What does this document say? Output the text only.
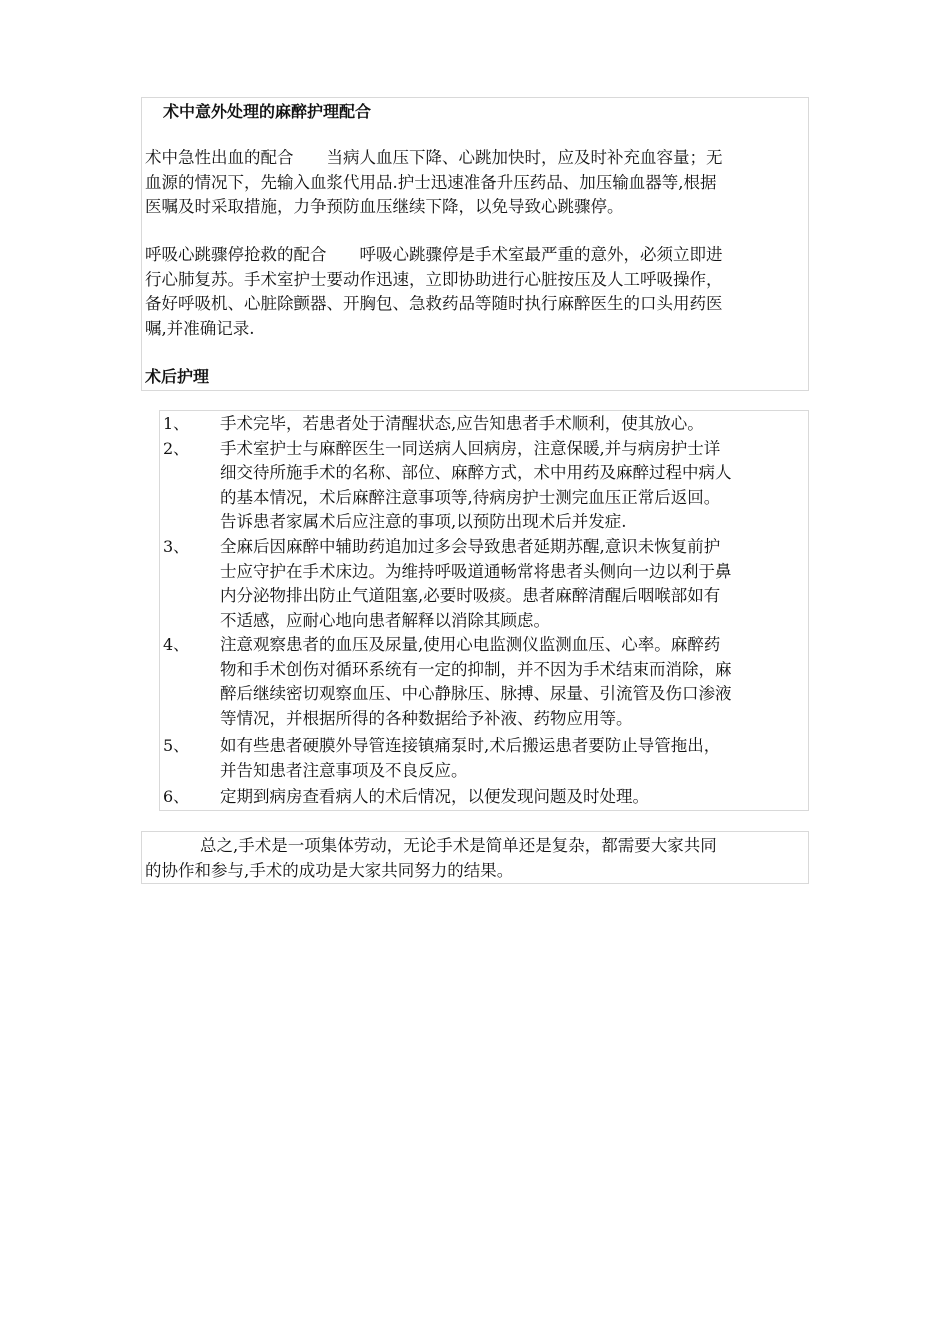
术中意外处理的麻醉护理配合
术中急性出血的配合　　当病人血压下降、心跳加快时，应及时补充血容量；无
血源的情况下，先输入血浆代用品.护士迅速准备升压药品、加压输血器等,根据
医嘱及时采取措施，力争预防血压继续下降，以免导致心跳骤停。
呼吸心跳骤停抢救的配合　　呼吸心跳骤停是手术室最严重的意外，必须立即进
行心肺复苏。手术室护士要动作迅速，立即协助进行心脏按压及人工呼吸操作，
备好呼吸机、心脏除颤器、开胸包、急救药品等随时执行麻醉医生的口头用药医
嘱,并准确记录.
术后护理
1、 手术完毕，若患者处于清醒状态,应告知患者手术顺利，使其放心。
2、 手术室护士与麻醉医生一同送病人回病房，注意保暖,并与病房护士详
细交待所施手术的名称、部位、麻醉方式，术中用药及麻醉过程中病人
的基本情况，术后麻醉注意事项等,待病房护士测完血压正常后返回。
告诉患者家属术后应注意的事项,以预防出现术后并发症.
3、 全麻后因麻醉中辅助药追加过多会导致患者延期苏醒,意识未恢复前护
士应守护在手术床边。为维持呼吸道通畅常将患者头侧向一边以利于鼻
内分泌物排出防止气道阻塞,必要时吸痰。患者麻醉清醒后咽喉部如有
不适感，应耐心地向患者解释以消除其顾虑。
4、 注意观察患者的血压及尿量,使用心电监测仪监测血压、心率。麻醉药
物和手术创伤对循环系统有一定的抑制，并不因为手术结束而消除，麻
醉后继续密切观察血压、中心静脉压、脉搏、尿量、引流管及伤口渗液
等情况，并根据所得的各种数据给予补液、药物应用等。
5、 如有些患者硬膜外导管连接镇痛泵时,术后搬运患者要防止导管拖出，
并告知患者注意事项及不良反应。
6、 定期到病房查看病人的术后情况，以便发现问题及时处理。
总之,手术是一项集体劳动，无论手术是简单还是复杂，都需要大家共同
的协作和参与,手术的成功是大家共同努力的结果。
